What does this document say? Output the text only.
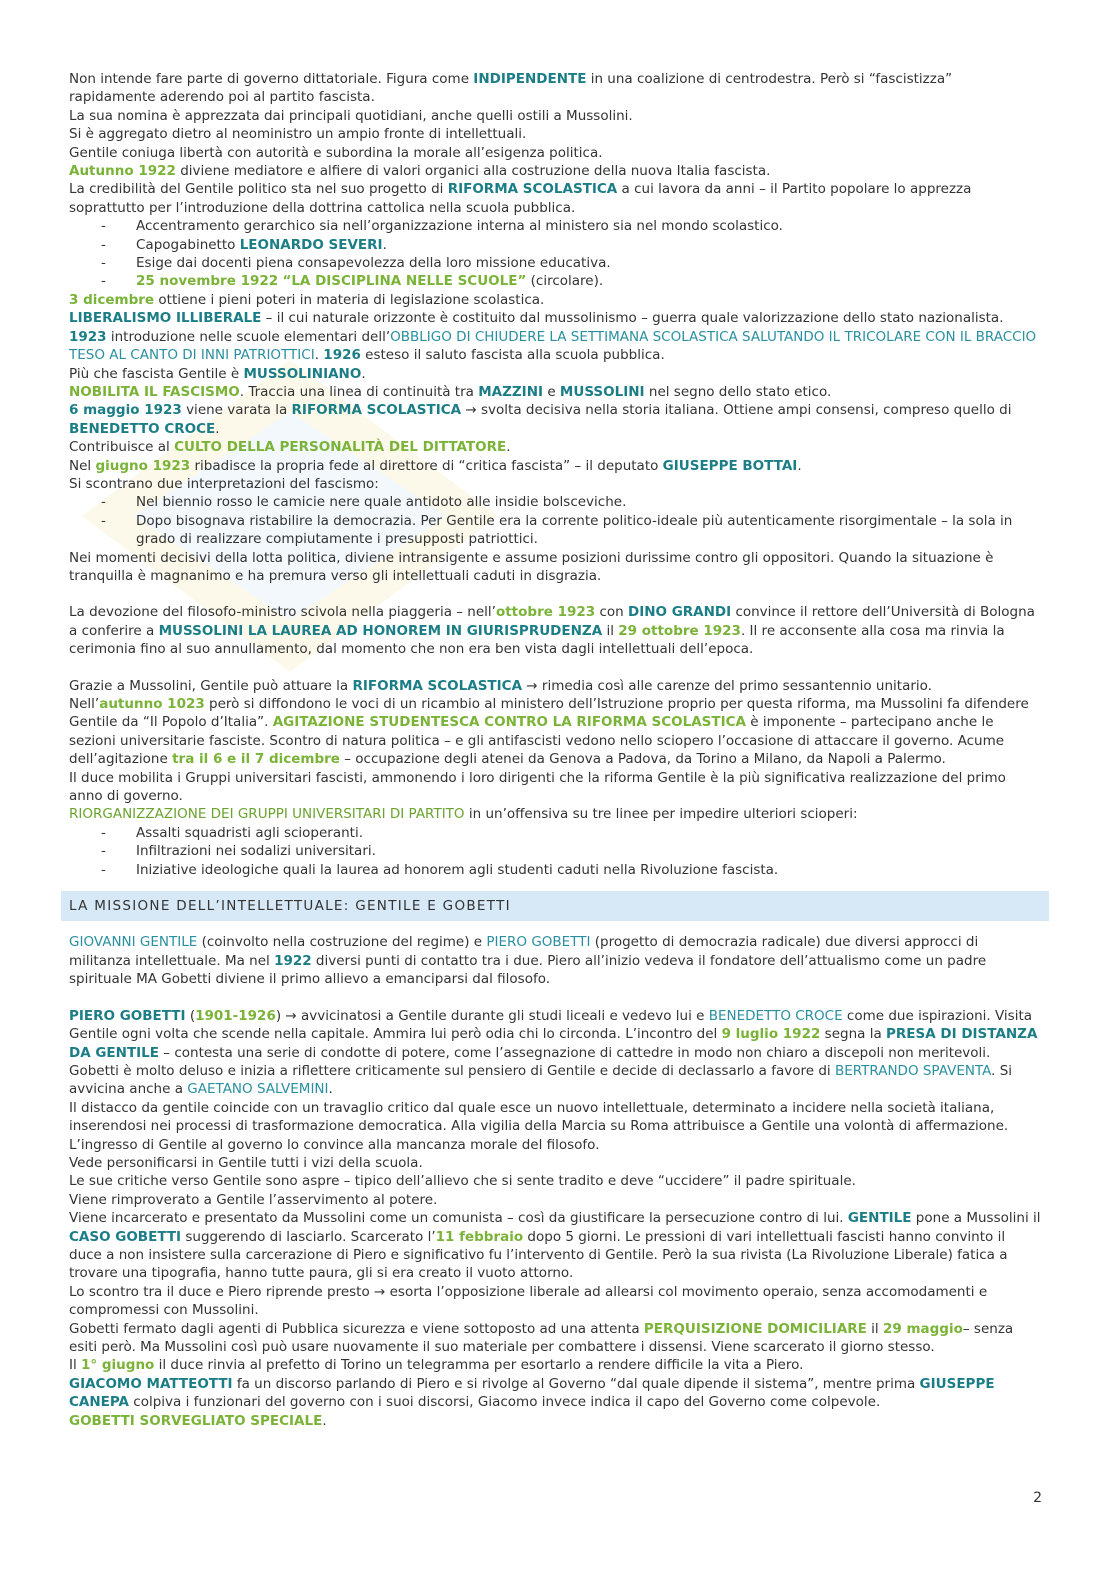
Non intende fare parte di governo dittatoriale. Figura come INDIPENDENTE in una coalizione di centrodestra. Però si “fascistizza” rapidamente aderendo poi al partito fascista.

La sua nomina è apprezzata dai principali quotidiani, anche quelli ostili a Mussolini.

Si è aggregato dietro al neoministro un ampio fronte di intellettuali.

Gentile coniuga libertà con autorità e subordina la morale all’esigenza politica.

Autunno 1922 diviene mediatore e alfiere di valori organici alla costruzione della nuova Italia fascista.

La credibilità del Gentile politico sta nel suo progetto di RIFORMA SCOLASTICA a cui lavora da anni – il Partito popolare lo apprezza soprattutto per l’introduzione della dottrina cattolica nella scuola pubblica.

- Accentramento gerarchico sia nell’organizzazione interna al ministero sia nel mondo scolastico.
- Capogabinetto LEONARDO SEVERI.
- Esige dai docenti piena consapevolezza della loro missione educativa.
- 25 novembre 1922 “LA DISCIPLINA NELLE SCUOLE” (circolare).

3 dicembre ottiene i pieni poteri in materia di legislazione scolastica.

LIBERALISMO ILLIBERALE – il cui naturale orizzonte è costituito dal mussolinismo – guerra quale valorizzazione dello stato nazionalista.

1923 introduzione nelle scuole elementari dell’OBBLIGO DI CHIUDERE LA SETTIMANA SCOLASTICA SALUTANDO IL TRICOLARE CON IL BRACCIO TESO AL CANTO DI INNI PATRIOTTICI. 1926 esteso il saluto fascista alla scuola pubblica.

Più che fascista Gentile è MUSSOLINIANO.

NOBILITA IL FASCISMO. Traccia una linea di continuità tra MAZZINI e MUSSOLINI nel segno dello stato etico.

6 maggio 1923 viene varata la RIFORMA SCOLASTICA → svolta decisiva nella storia italiana. Ottiene ampi consensi, compreso quello di BENEDETTO CROCE.

Contribuisce al CULTO DELLA PERSONALITÀ DEL DITTATORE.

Nel giugno 1923 ribadisce la propria fede al direttore di “critica fascista” – il deputato GIUSEPPE BOTTAI.

Si scontrano due interpretazioni del fascismo:

- Nel biennio rosso le camicie nere quale antidoto alle insidie bolsceviche.
- Dopo bisognava ristabilire la democrazia. Per Gentile era la corrente politico-ideale più autenticamente risorgimentale – la sola in grado di realizzare compiutamente i presupposti patriottici.

Nei momenti decisivi della lotta politica, diviene intransigente e assume posizioni durissime contro gli oppositori. Quando la situazione è tranquilla è magnanimo e ha premura verso gli intellettuali caduti in disgrazia.

La devozione del filosofo-ministro scivola nella piaggeria – nell’ottobre 1923 con DINO GRANDI convince il rettore dell’Università di Bologna a conferire a MUSSOLINI LA LAUREA AD HONOREM IN GIURISPRUDENZA il 29 ottobre 1923. Il re acconsente alla cosa ma rinvia la cerimonia fino al suo annullamento, dal momento che non era ben vista dagli intellettuali dell’epoca.

Grazie a Mussolini, Gentile può attuare la RIFORMA SCOLASTICA → rimedia così alle carenze del primo sessantennio unitario.

Nell’autunno 1023 però si diffondono le voci di un ricambio al ministero dell’Istruzione proprio per questa riforma, ma Mussolini fa difendere Gentile da “Il Popolo d’Italia”. AGITAZIONE STUDENTESCA CONTRO LA RIFORMA SCOLASTICA è imponente – partecipano anche le sezioni universitarie fasciste. Scontro di natura politica – e gli antifascisti vedono nello sciopero l’occasione di attaccare il governo. Acume dell’agitazione tra il 6 e il 7 dicembre – occupazione degli atenei da Genova a Padova, da Torino a Milano, da Napoli a Palermo.

Il duce mobilita i Gruppi universitari fascisti, ammonendo i loro dirigenti che la riforma Gentile è la più significativa realizzazione del primo anno di governo.

RIORGANIZZAZIONE DEI GRUPPI UNIVERSITARI DI PARTITO in un’offensiva su tre linee per impedire ulteriori scioperi:

- Assalti squadristi agli scioperanti.
- Infiltrazioni nei sodalizi universitari.
- Iniziative ideologiche quali la laurea ad honorem agli studenti caduti nella Rivoluzione fascista.
LA MISSIONE DELL’INTELLETTUALE: GENTILE E GOBETTI

GIOVANNI GENTILE (coinvolto nella costruzione del regime) e PIERO GOBETTI (progetto di democrazia radicale) due diversi approcci di militanza intellettuale. Ma nel 1922 diversi punti di contatto tra i due. Piero all’inizio vedeva il fondatore dell’attualismo come un padre spirituale MA Gobetti diviene il primo allievo a emanciparsi dal filosofo.

PIERO GOBETTI (1901-1926) → avvicinatosi a Gentile durante gli studi liceali e vedevo lui e BENEDETTO CROCE come due ispirazioni. Visita Gentile ogni volta che scende nella capitale. Ammira lui però odia chi lo circonda. L’incontro del 9 luglio 1922 segna la PRESA DI DISTANZA DA GENTILE – contesta una serie di condotte di potere, come l’assegnazione di cattedre in modo non chiaro a discepoli non meritevoli. Gobetti è molto deluso e inizia a riflettere criticamente sul pensiero di Gentile e decide di declassarlo a favore di BERTRANDO SPAVENTA. Si avvicina anche a GAETANO SALVEMINI.

Il distacco da gentile coincide con un travaglio critico dal quale esce un nuovo intellettuale, determinato a incidere nella società italiana, inserendosi nei processi di trasformazione democratica. Alla vigilia della Marcia su Roma attribuisce a Gentile una volontà di affermazione.

L’ingresso di Gentile al governo lo convince alla mancanza morale del filosofo.

Vede personificarsi in Gentile tutti i vizi della scuola.

Le sue critiche verso Gentile sono aspre – tipico dell’allievo che si sente tradito e deve “uccidere” il padre spirituale.

Viene rimproverato a Gentile l’asservimento al potere.

Viene incarcerato e presentato da Mussolini come un comunista – così da giustificare la persecuzione contro di lui. GENTILE pone a Mussolini il CASO GOBETTI suggerendo di lasciarlo. Scarcerato l’11 febbraio dopo 5 giorni. Le pressioni di vari intellettuali fascisti hanno convinto il duce a non insistere sulla carcerazione di Piero e significativo fu l’intervento di Gentile. Però la sua rivista (La Rivoluzione Liberale) fatica a trovare una tipografia, hanno tutte paura, gli si era creato il vuoto attorno.

Lo scontro tra il duce e Piero riprende presto → esorta l’opposizione liberale ad allearsi col movimento operaio, senza accomodamenti e compromessi con Mussolini.

Gobetti fermato dagli agenti di Pubblica sicurezza e viene sottoposto ad una attenta PERQUISIZIONE DOMICILIARE il 29 maggio– senza esiti però. Ma Mussolini così può usare nuovamente il suo materiale per combattere i dissensi. Viene scarcerato il giorno stesso.

Il 1° giugno il duce rinvia al prefetto di Torino un telegramma per esortarlo a rendere difficile la vita a Piero.

GIACOMO MATTEOTTI fa un discorso parlando di Piero e si rivolge al Governo “dal quale dipende il sistema”, mentre prima GIUSEPPE CANEPA colpiva i funzionari del governo con i suoi discorsi, Giacomo invece indica il capo del Governo come colpevole.

GOBETTI SORVEGLIATO SPECIALE.

2
